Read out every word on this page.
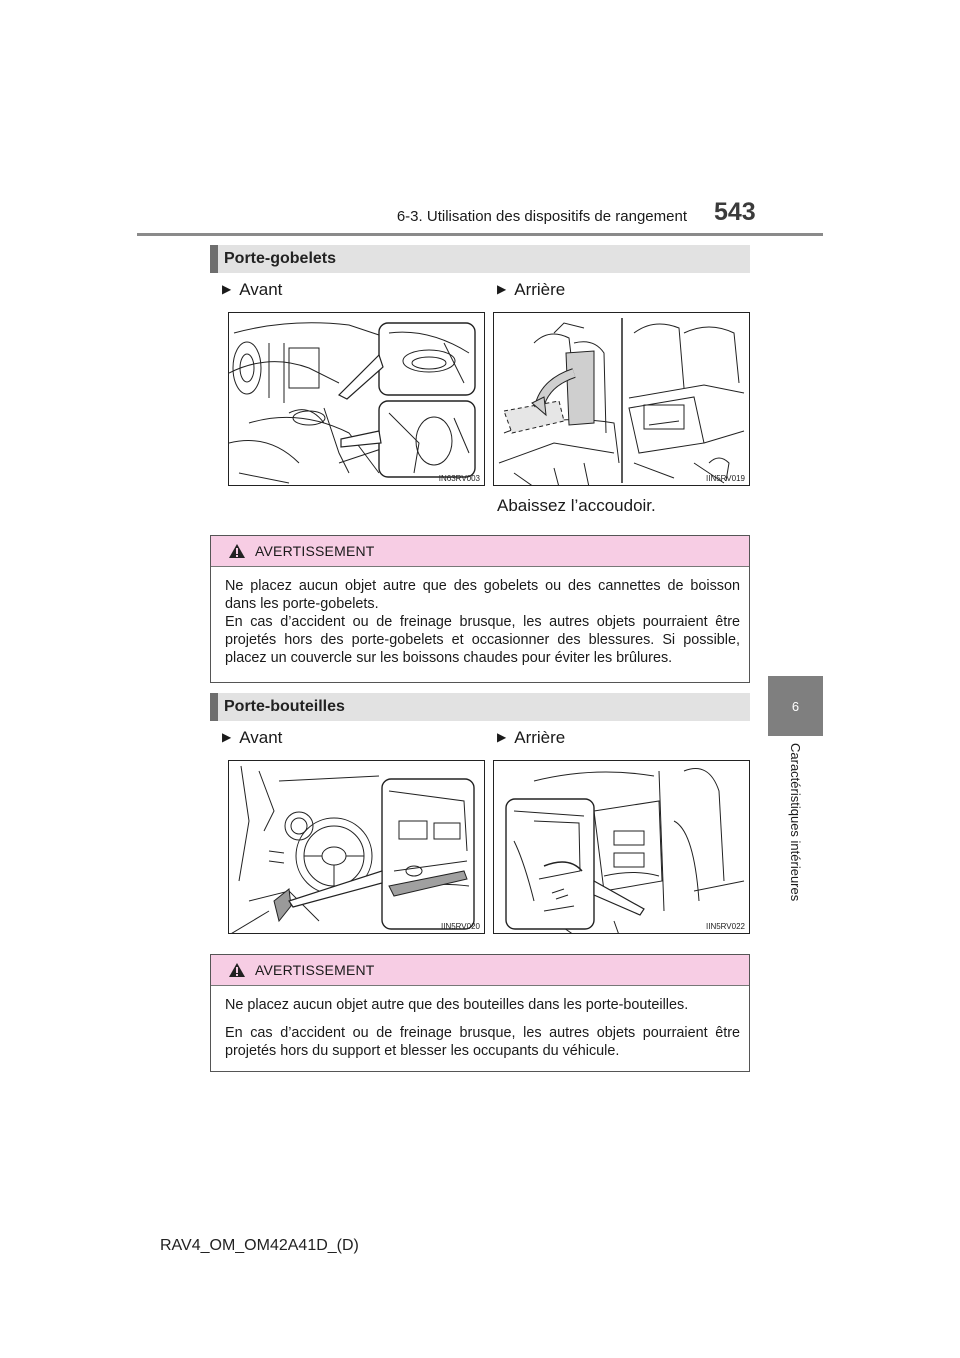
6-3. Utilisation des dispositifs de rangement 543
6
Caractéristiques intérieures
Porte-gobelets
▶ Avant	▶ Arrière
IN63RV003	IIN5RV019
Abaissez l’accoudoir.
AVERTISSEMENT

Ne placez aucun objet autre que des gobelets ou des cannettes de boisson dans les porte-gobelets.

En cas d’accident ou de freinage brusque, les autres objets pourraient être projetés hors des porte-gobelets et occasionner des blessures. Si possible, placez un couvercle sur les boissons chaudes pour éviter les brûlures.

Porte-bouteilles
▶ Avant	▶ Arrière
IIN5RV020	IIN5RV022
AVERTISSEMENT

Ne placez aucun objet autre que des bouteilles dans les porte-bouteilles.

En cas d’accident ou de freinage brusque, les autres objets pourraient être projetés hors du support et blesser les occupants du véhicule.

RAV4_OM_OM42A41D_(D)
